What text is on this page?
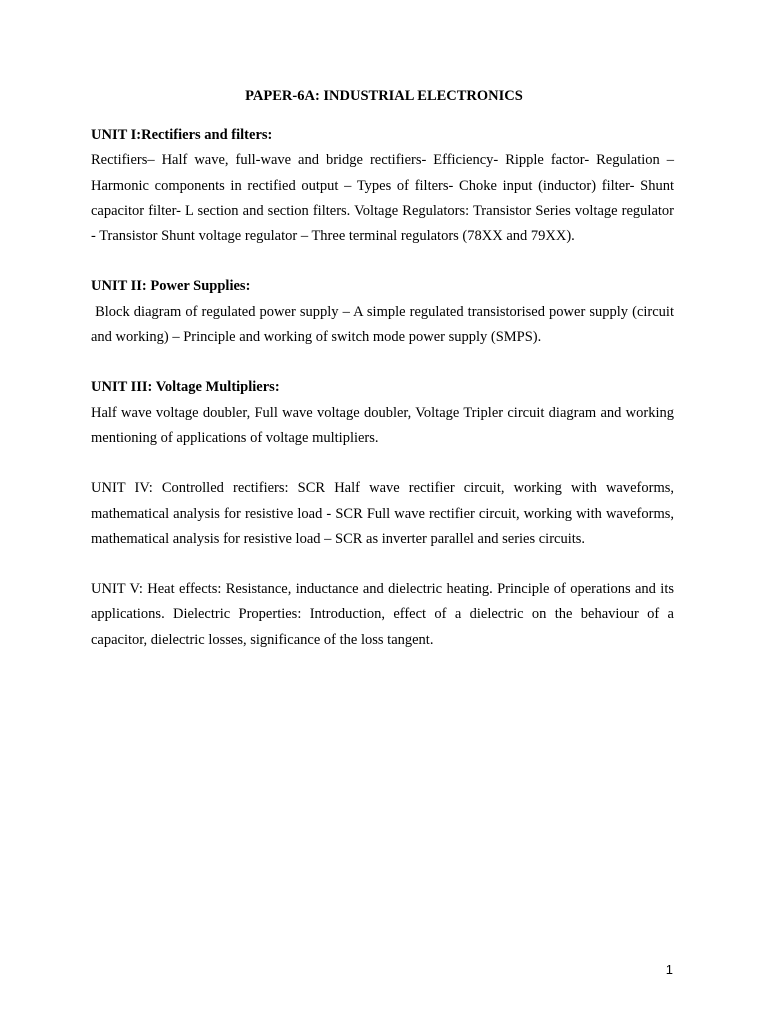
PAPER-6A: INDUSTRIAL ELECTRONICS

UNIT I:Rectifiers and filters:

Rectifiers– Half wave, full-wave and bridge rectifiers- Efficiency- Ripple factor- Regulation – Harmonic components in rectified output – Types of filters- Choke input (inductor) filter- Shunt capacitor filter- L section and section filters. Voltage Regulators: Transistor Series voltage regulator - Transistor Shunt voltage regulator – Three terminal regulators (78XX and 79XX).

UNIT II: Power Supplies:

Block diagram of regulated power supply – A simple regulated transistorised power supply (circuit and working) – Principle and working of switch mode power supply (SMPS).

UNIT III: Voltage Multipliers:

Half wave voltage doubler, Full wave voltage doubler, Voltage Tripler circuit diagram and working mentioning of applications of voltage multipliers.

UNIT IV: Controlled rectifiers: SCR Half wave rectifier circuit, working with waveforms, mathematical analysis for resistive load - SCR Full wave rectifier circuit, working with waveforms, mathematical analysis for resistive load – SCR as inverter parallel and series circuits.

UNIT V: Heat effects: Resistance, inductance and dielectric heating. Principle of operations and its applications. Dielectric Properties: Introduction, effect of a dielectric on the behaviour of a capacitor, dielectric losses, significance of the loss tangent.

1
